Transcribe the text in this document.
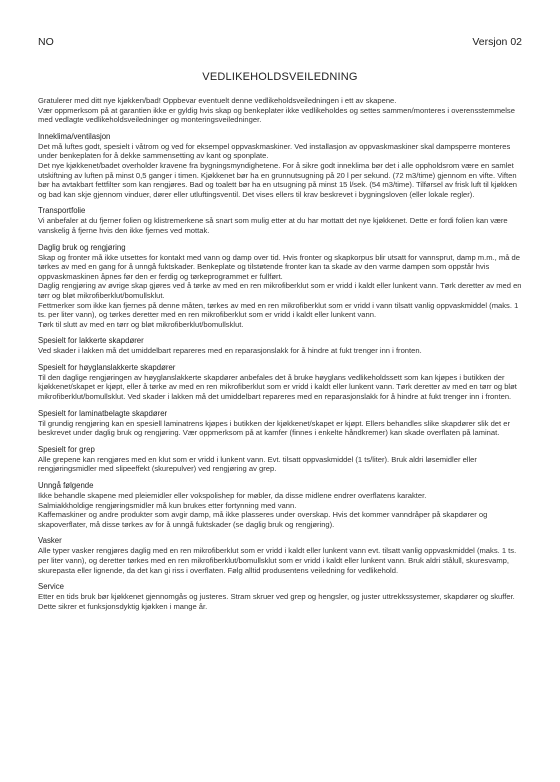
NO	Versjon 02
VEDLIKEHOLDSVEILEDNING

Gratulerer med ditt nye kjøkken/bad! Oppbevar eventuelt denne vedlikeholdsveiledningen i ett av skapene.

Vær oppmerksom på at garantien ikke er gyldig hvis skap og benkeplater ikke vedlikeholdes og settes sammen/monteres i overensstemmelse med vedlagte vedlikeholdsveiledninger og monteringsveiledninger.

Inneklima/ventilasjon

Det må luftes godt, spesielt i våtrom og ved for eksempel oppvaskmaskiner. Ved installasjon av oppvaskmaskiner skal dampsperre monteres under benkeplaten for å dekke sammensetting av kant og sponplate.

Det nye kjøkkenet/badet overholder kravene fra bygningsmyndighetene. For å sikre godt inneklima bør det i alle oppholdsrom være en samlet utskiftning av luften på minst 0,5 ganger i timen. Kjøkkenet bør ha en grunnutsugning på 20 l per sekund. (72 m3/time) gjennom en vifte. Viften bør ha avtakbart fettfilter som kan rengjøres. Bad og toalett bør ha en utsugning på minst 15 l/sek. (54 m3/time). Tilførsel av frisk luft til kjøkken og bad kan skje gjennom vinduer, dører eller utluftingsventil. Det vises ellers til krav beskrevet i bygningsloven (eller lokale regler).

Transportfolie

Vi anbefaler at du fjerner folien og klistremerkene så snart som mulig etter at du har mottatt det nye kjøkkenet. Dette er fordi folien kan være vanskelig å fjerne hvis den ikke fjernes ved mottak.

Daglig bruk og rengjøring

Skap og fronter må ikke utsettes for kontakt med vann og damp over tid. Hvis fronter og skapkorpus blir utsatt for vannsprut, damp m.m., må de tørkes av med en gang for å unngå fuktskader. Benkeplate og tilstøtende fronter kan ta skade av den varme dampen som oppstår hvis oppvaskmaskinen åpnes før den er ferdig og tørkeprogrammet er fullført.

Daglig rengjøring av øvrige skap gjøres ved å tørke av med en ren mikrofiberklut som er vridd i kaldt eller lunkent vann. Tørk deretter av med en tørr og bløt mikrofiberklut/bomullsklut.

Fettmerker som ikke kan fjernes på denne måten, tørkes av med en ren mikrofiberklut som er vridd i vann tilsatt vanlig oppvaskmiddel (maks. 1 ts. per liter vann), og tørkes deretter med en ren mikrofiberklut som er vridd i kaldt eller lunkent vann.

Tørk til slutt av med en tørr og bløt mikrofiberklut/bomullsklut.

Spesielt for lakkerte skapdører

Ved skader i lakken må det umiddelbart repareres med en reparasjonslakk for å hindre at fukt trenger inn i fronten.

Spesielt for høyglanslakkerte skapdører

Til den daglige rengjøringen av høyglanslakkerte skapdører anbefales det å bruke høyglans vedlikeholdssett som kan kjøpes i butikken der kjøkkenet/skapet er kjøpt, eller å tørke av med en ren mikrofiberklut som er vridd i kaldt eller lunkent vann. Tørk deretter av med en tørr og bløt mikrofiberklut/bomullsklut. Ved skader i lakken må det umiddelbart repareres med en reparasjonslakk for å hindre at fukt trenger inn i fronten.

Spesielt for laminatbelagte skapdører

Til grundig rengjøring kan en spesiell laminatrens kjøpes i butikken der kjøkkenet/skapet er kjøpt. Ellers behandles slike skapdører slik det er beskrevet under daglig bruk og rengjøring. Vær oppmerksom på at kamfer (finnes i enkelte håndkremer) kan skade overflaten på laminat.

Spesielt for grep

Alle grepene kan rengjøres med en klut som er vridd i lunkent vann. Evt. tilsatt oppvaskmiddel (1 ts/liter). Bruk aldri løsemidler eller rengjøringsmidler med slipeeffekt (skurepulver) ved rengjøring av grep.

Unngå følgende

Ikke behandle skapene med pleiemidler eller vokspolishер for møbler, da disse midlene endrer overflatens karakter.

Salmiakkholdige rengjøringsmidler må kun brukes etter fortynning med vann.

Kaffemaskiner og andre produkter som avgir damp, må ikke plasseres under overskap. Hvis det kommer vanndråper på skapdører og skapoverflater, må disse tørkes av for å unngå fuktskader (se daglig bruk og rengjøring).

Vasker

Alle typer vasker rengjøres daglig med en ren mikrofiberklut som er vridd i kaldt eller lunkent vann evt. tilsatt vanlig oppvaskmiddel (maks. 1 ts. per liter vann), og deretter tørkes med en ren mikrofiberklut/bomullsklut som er vridd i kaldt eller lunkent vann. Bruk aldri stålull, skuresvamp, skurepasta eller lignende, da det kan gi riss i overflaten. Følg alltid produsentens veiledning for vedlikehold.

Service

Etter en tids bruk bør kjøkkenet gjennomgås og justeres. Stram skruer ved grep og hengsler, og juster uttrekkssystemer, skapdører og skuffer. Dette sikrer et funksjonsdyktig kjøkken i mange år.
